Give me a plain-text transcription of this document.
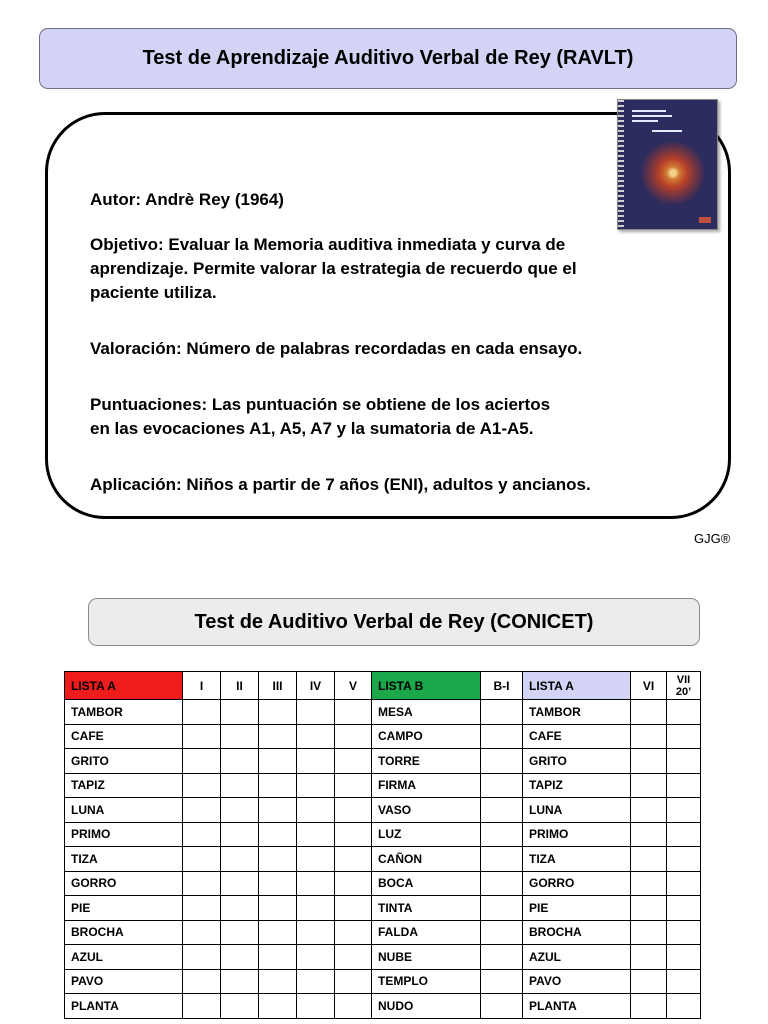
Test de Aprendizaje Auditivo Verbal de Rey (RAVLT)
Autor: Andrè Rey (1964)
Objetivo: Evaluar la Memoria auditiva inmediata y curva de
aprendizaje. Permite valorar la estrategia de recuerdo que el
paciente utiliza.
Valoración: Número de palabras recordadas en cada ensayo.
Puntuaciones: Las puntuación se obtiene de los aciertos
en las evocaciones A1, A5, A7 y la sumatoria de A1-A5.
Aplicación: Niños a partir de 7 años (ENI), adultos y ancianos.
GJG®
Test de Auditivo Verbal de Rey (CONICET)
LISTA A	I	II	III	IV	V	LISTA B	B-I	LISTA A	VI	VII
20’

TAMBOR						MESA		TAMBOR		
CAFE						CAMPO		CAFE		
GRITO						TORRE		GRITO		
TAPIZ						FIRMA		TAPIZ		
LUNA						VASO		LUNA		
PRIMO						LUZ		PRIMO		
TIZA						CAÑON		TIZA		
GORRO						BOCA		GORRO		
PIE						TINTA		PIE		
BROCHA						FALDA		BROCHA		
AZUL						NUBE		AZUL		
PAVO						TEMPLO		PAVO		
PLANTA						NUDO		PLANTA		
